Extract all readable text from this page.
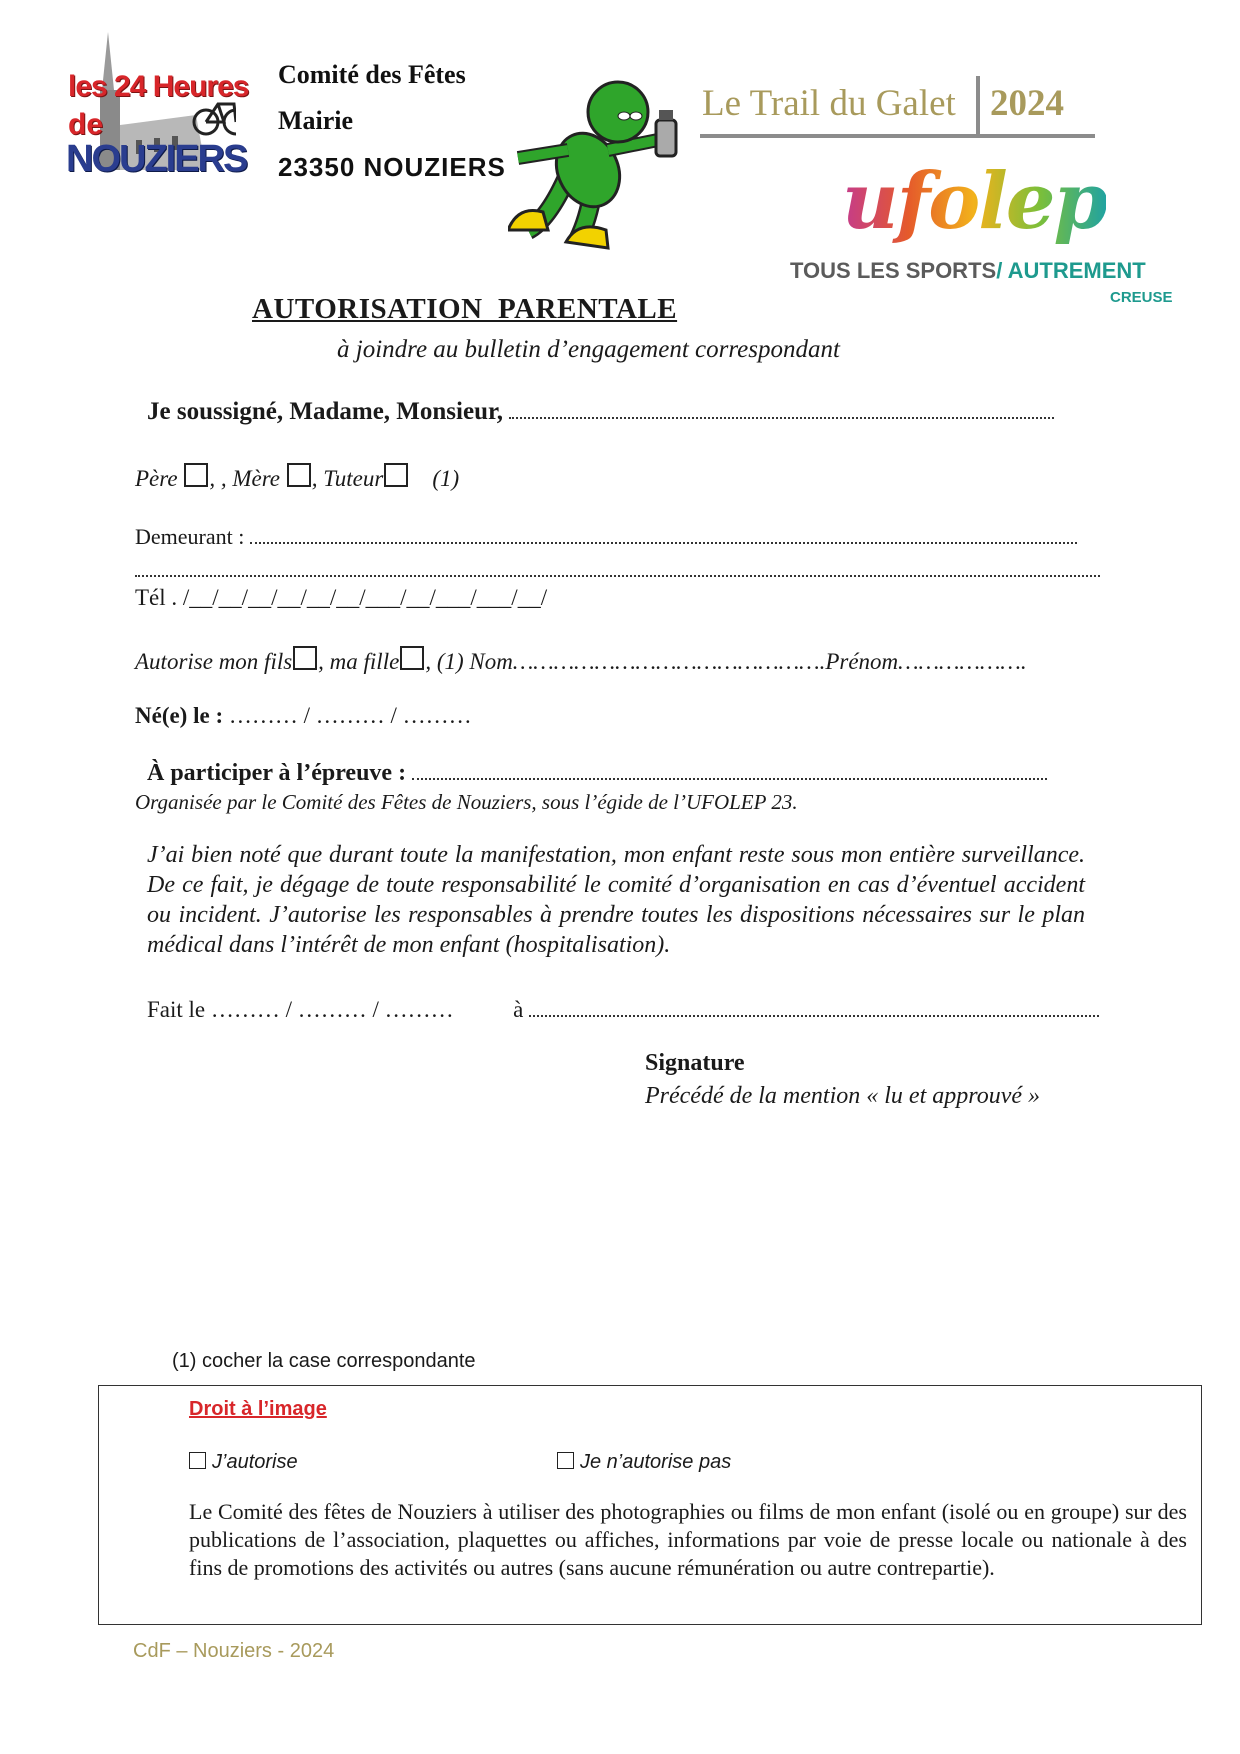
les 24 Heures
de
NOUZIERS
Comité des Fêtes
Mairie
23350 NOUZIERS
Le Trail du Galet 2024
ufolep
TOUS LES SPORTS/ AUTREMENT
CREUSE
AUTORISATION  PARENTALE
à joindre au bulletin d’engagement correspondant
Je soussigné, Madame, Monsieur,
Père , , Mère , Tuteur (1)
Demeurant :
Tél . /__/__/__/__/__/__/___/__/___/___/__/
Autorise mon fils , ma fille , (1) Nom……………………………………….Prénom……………….
Né(e) le : ……… / ……… / ………
À participer à l’épreuve :
Organisée par le Comité des Fêtes de Nouziers, sous l’égide de l’UFOLEP 23.
J’ai bien noté que durant toute la manifestation, mon enfant reste sous mon entière surveillance. De ce fait, je dégage de toute responsabilité le comité d’organisation en cas d’éventuel accident ou incident. J’autorise les responsables à prendre toutes les dispositions nécessaires sur le plan médical dans l’intérêt de mon enfant (hospitalisation).
Fait le ……… / ……… / ………	à
Signature
Précédé de la mention « lu et approuvé »
(1) cocher la case correspondante
Droit à l’image
J’autorise	Je n’autorise pas
Le Comité des fêtes de Nouziers à utiliser des photographies ou films de mon enfant (isolé ou en groupe) sur des publications de l’association, plaquettes ou affiches, informations par voie de presse locale ou nationale à des fins de promotions des activités ou autres (sans aucune rémunération ou autre contrepartie).
CdF – Nouziers - 2024
